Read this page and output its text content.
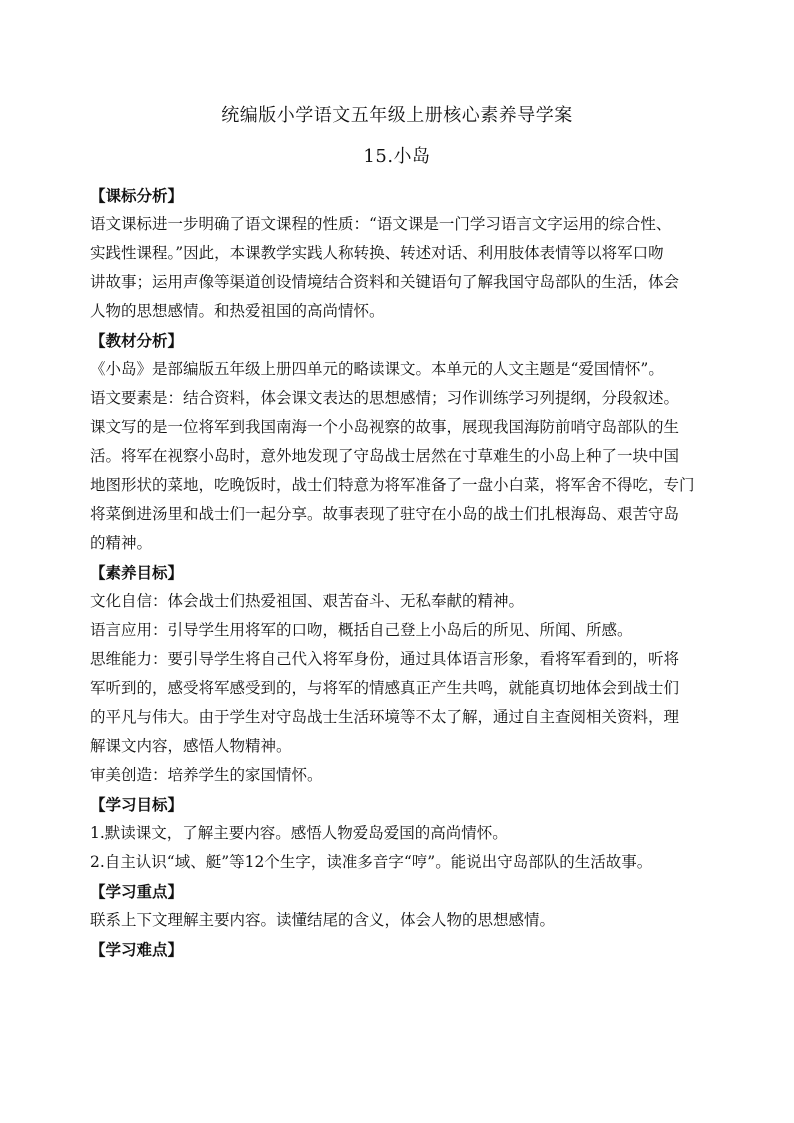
统编版小学语文五年级上册核心素养导学案
15.小岛
【课标分析】
语文课标进一步明确了语文课程的性质：“语文课是一门学习语言文字运用的综合性、
实践性课程。”因此，本课教学实践人称转换、转述对话、利用肢体表情等以将军口吻
讲故事；运用声像等渠道创设情境结合资料和关键语句了解我国守岛部队的生活，体会
人物的思想感情。和热爱祖国的高尚情怀。
【教材分析】
《小岛》是部编版五年级上册四单元的略读课文。本单元的人文主题是“爱国情怀”。
语文要素是：结合资料，体会课文表达的思想感情；习作训练学习列提纲，分段叙述。
课文写的是一位将军到我国南海一个小岛视察的故事，展现我国海防前哨守岛部队的生
活。将军在视察小岛时，意外地发现了守岛战士居然在寸草难生的小岛上种了一块中国
地图形状的菜地，吃晚饭时，战士们特意为将军准备了一盘小白菜，将军舍不得吃，专门
将菜倒进汤里和战士们一起分享。故事表现了驻守在小岛的战士们扎根海岛、艰苦守岛
的精神。
【素养目标】
文化自信：体会战士们热爱祖国、艰苦奋斗、无私奉献的精神。
语言应用：引导学生用将军的口吻，概括自己登上小岛后的所见、所闻、所感。
思维能力：要引导学生将自己代入将军身份，通过具体语言形象，看将军看到的，听将
军听到的，感受将军感受到的，与将军的情感真正产生共鸣，就能真切地体会到战士们
的平凡与伟大。由于学生对守岛战士生活环境等不太了解，通过自主查阅相关资料，理
解课文内容，感悟人物精神。
审美创造：培养学生的家国情怀。
【学习目标】
1.默读课文，了解主要内容。感悟人物爱岛爱国的高尚情怀。
2.自主认识“域、艇”等12个生字，读准多音字“哼”。能说出守岛部队的生活故事。
【学习重点】
联系上下文理解主要内容。读懂结尾的含义，体会人物的思想感情。
【学习难点】
